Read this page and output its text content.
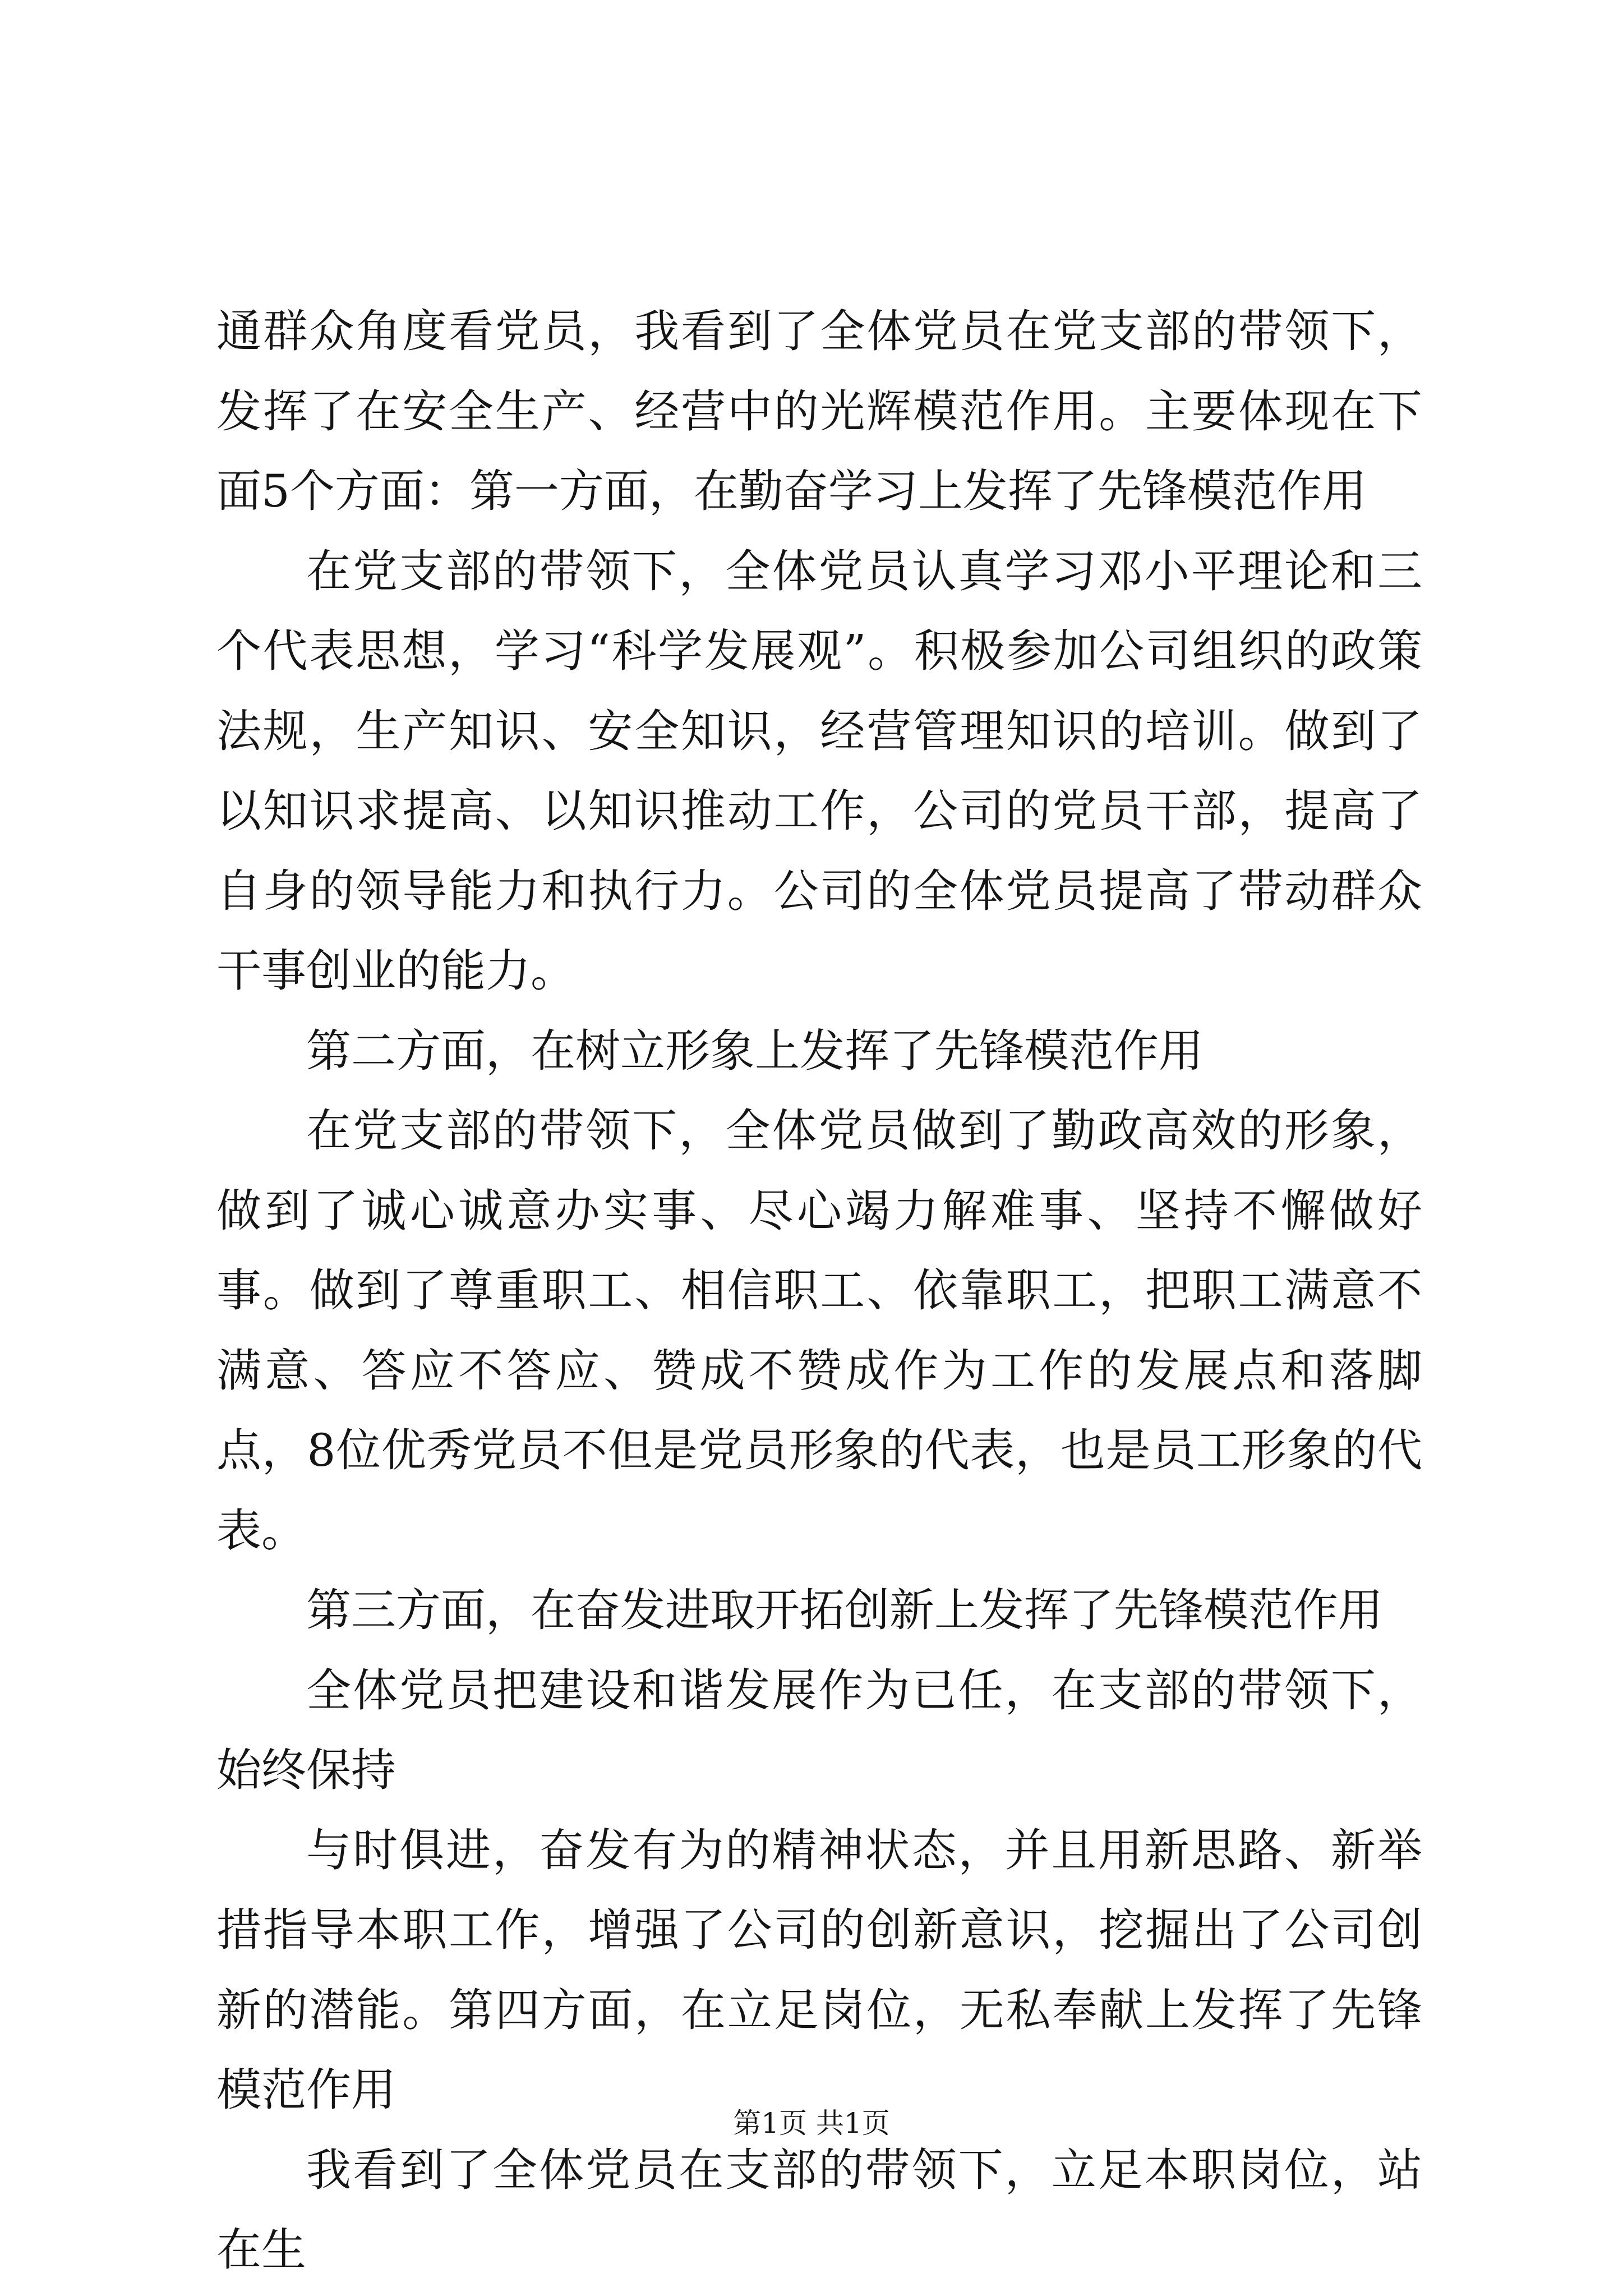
通群众角度看党员，我看到了全体党员在党支部的带领下，发挥了在安全生产、经营中的光辉模范作用。主要体现在下面5个方面：第一方面，在勤奋学习上发挥了先锋模范作用

在党支部的带领下，全体党员认真学习邓小平理论和三个代表思想，学习“科学发展观”。积极参加公司组织的政策法规，生产知识、安全知识，经营管理知识的培训。做到了以知识求提高、以知识推动工作，公司的党员干部，提高了自身的领导能力和执行力。公司的全体党员提高了带动群众干事创业的能力。

第二方面，在树立形象上发挥了先锋模范作用

在党支部的带领下，全体党员做到了勤政高效的形象，做到了诚心诚意办实事、尽心竭力解难事、坚持不懈做好事。做到了尊重职工、相信职工、依靠职工，把职工满意不满意、答应不答应、赞成不赞成作为工作的发展点和落脚点，8位优秀党员不但是党员形象的代表，也是员工形象的代表。

第三方面，在奋发进取开拓创新上发挥了先锋模范作用

全体党员把建设和谐发展作为已任，在支部的带领下，始终保持

与时俱进，奋发有为的精神状态，并且用新思路、新举措指导本职工作，增强了公司的创新意识，挖掘出了公司创新的潜能。第四方面，在立足岗位，无私奉献上发挥了先锋模范作用

我看到了全体党员在支部的带领下，立足本职岗位，站在生

第1页 共1页
